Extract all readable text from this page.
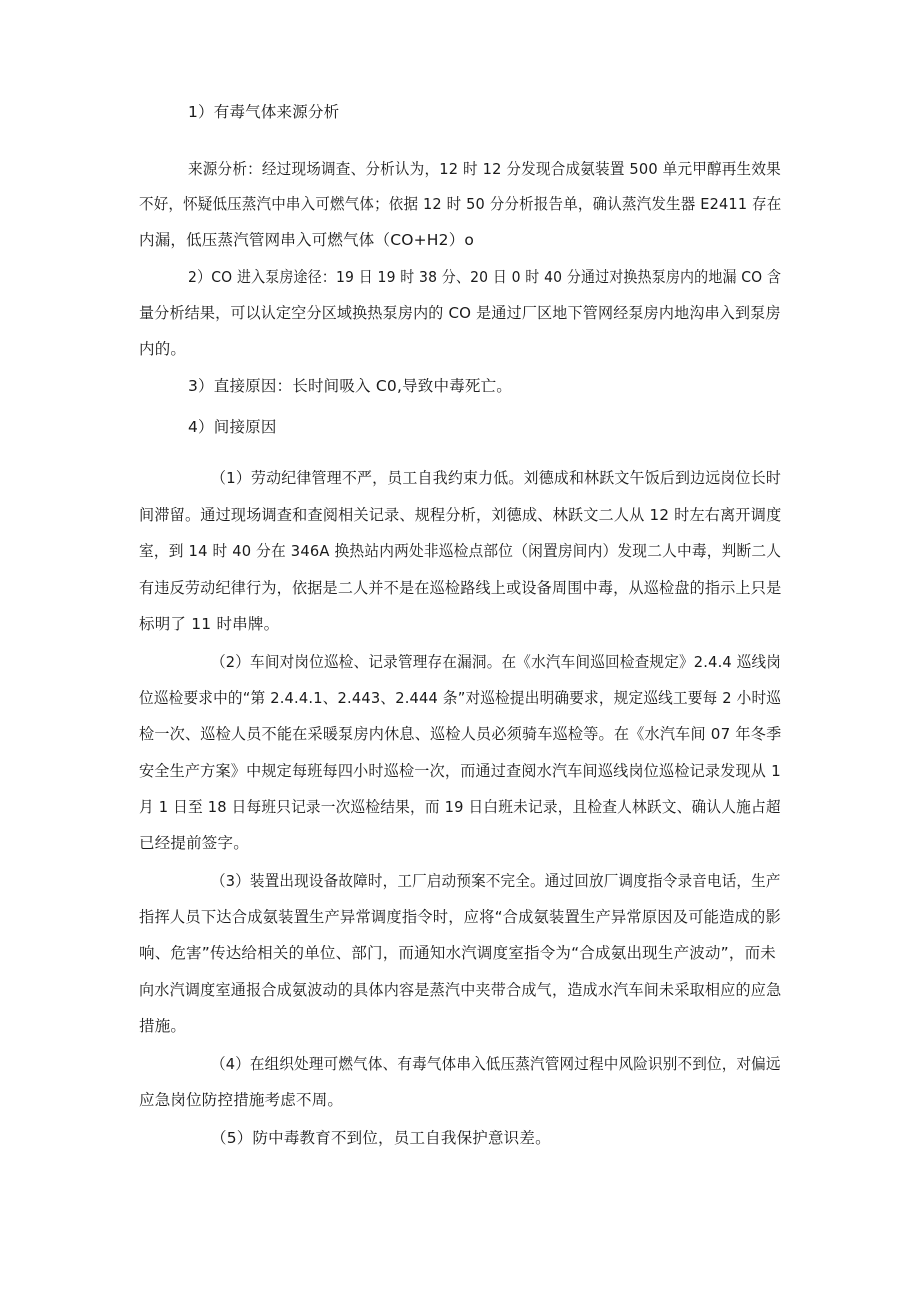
1）有毒气体来源分析
来源分析：经过现场调查、分析认为，12 时 12 分发现合成氨装置 500 单元甲醇再生效果
不好，怀疑低压蒸汽中串入可燃气体；依据 12 时 50 分分析报告单，确认蒸汽发生器 E2411 存在
内漏，低压蒸汽管网串入可燃气体（CO+H2）o
2）CO 进入泵房途径：19 日 19 时 38 分、20 日 0 时 40 分通过对换热泵房内的地漏 CO 含
量分析结果，可以认定空分区域换热泵房内的 CO 是通过厂区地下管网经泵房内地沟串入到泵房
内的。
3）直接原因：长时间吸入 C0,导致中毒死亡。
4）间接原因
（1）劳动纪律管理不严，员工自我约束力低。刘德成和林跃文午饭后到边远岗位长时
间滞留。通过现场调查和查阅相关记录、规程分析，刘德成、林跃文二人从 12 时左右离开调度
室，到 14 时 40 分在 346A 换热站内两处非巡检点部位（闲置房间内）发现二人中毒，判断二人
有违反劳动纪律行为，依据是二人并不是在巡检路线上或设备周围中毒，从巡检盘的指示上只是
标明了 11 时串牌。
（2）车间对岗位巡检、记录管理存在漏洞。在《水汽车间巡回检查规定》2.4.4 巡线岗
位巡检要求中的“第 2.4.4.1、2.443、2.444 条”对巡检提出明确要求，规定巡线工要每 2 小时巡
检一次、巡检人员不能在采暖泵房内休息、巡检人员必须骑车巡检等。在《水汽车间 07 年冬季
安全生产方案》中规定每班每四小时巡检一次，而通过查阅水汽车间巡线岗位巡检记录发现从 1
月 1 日至 18 日每班只记录一次巡检结果，而 19 日白班未记录，且检查人林跃文、确认人施占超
已经提前签字。
（3）装置出现设备故障时，工厂启动预案不完全。通过回放厂调度指令录音电话，生产
指挥人员下达合成氨装置生产异常调度指令时，应将“合成氨装置生产异常原因及可能造成的影
响、危害”传达给相关的单位、部门，而通知水汽调度室指令为“合成氨出现生产波动”，而未
向水汽调度室通报合成氨波动的具体内容是蒸汽中夹带合成气，造成水汽车间未采取相应的应急
措施。
（4）在组织处理可燃气体、有毒气体串入低压蒸汽管网过程中风险识别不到位，对偏远
应急岗位防控措施考虑不周。
（5）防中毒教育不到位，员工自我保护意识差。
